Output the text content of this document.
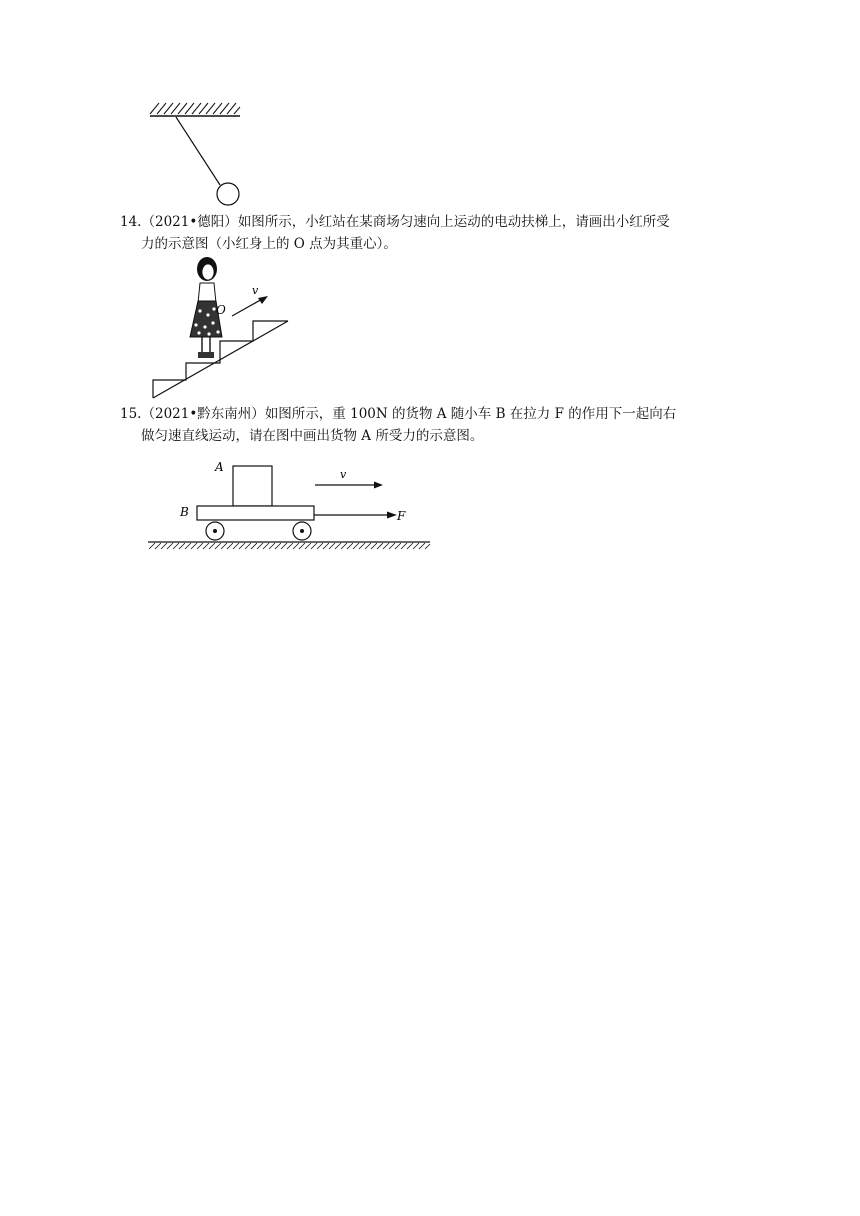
14.（2021•德阳）如图所示，小红站在某商场匀速向上运动的电动扶梯上，请画出小红所受
力的示意图（小红身上的 O 点为其重心）。
O
v
15.（2021•黔东南州）如图所示，重 100N 的货物 A 随小车 B 在拉力 F 的作用下一起向右
做匀速直线运动，请在图中画出货物 A 所受力的示意图。
A
B
v
F
